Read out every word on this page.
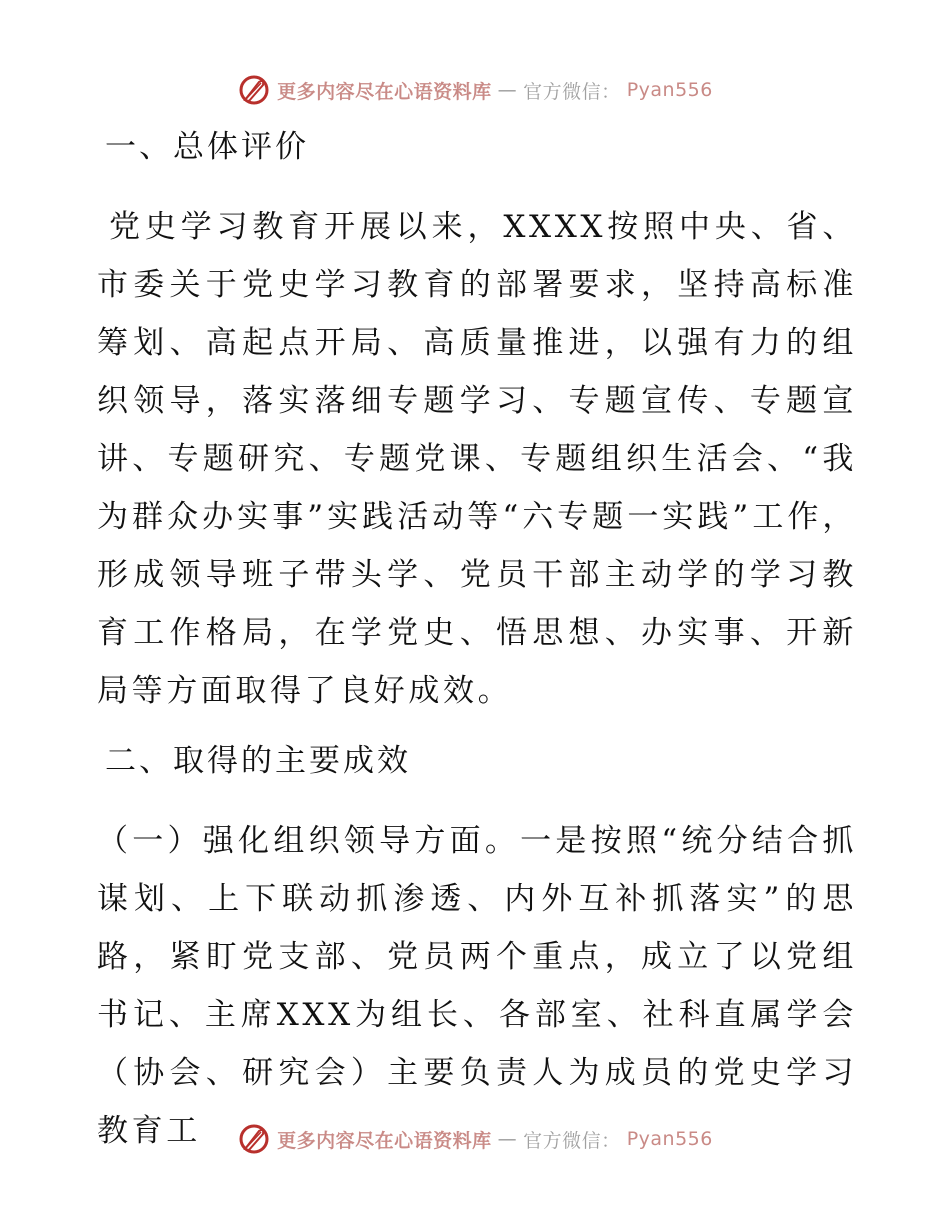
更多内容尽在心语资料库 — 官方微信： Pyan556
一、总体评价

党史学习教育开展以来，XXXX按照中央、省、市委关于党史学习教育的部署要求，坚持高标准筹划、高起点开局、高质量推进，以强有力的组织领导，落实落细专题学习、专题宣传、专题宣讲、专题研究、专题党课、专题组织生活会、“我为群众办实事”实践活动等“六专题一实践”工作，形成领导班子带头学、党员干部主动学的学习教育工作格局，在学党史、悟思想、办实事、开新局等方面取得了良好成效。

二、取得的主要成效

（一）强化组织领导方面。一是按照“统分结合抓谋划、上下联动抓渗透、内外互补抓落实”的思路，紧盯党支部、党员两个重点，成立了以党组书记、主席XXX为组长、各部室、社科直属学会（协会、研究会）主要负责人为成员的党史学习教育工	更多内容尽在心语资料库 — 官方微信： Pyan556
